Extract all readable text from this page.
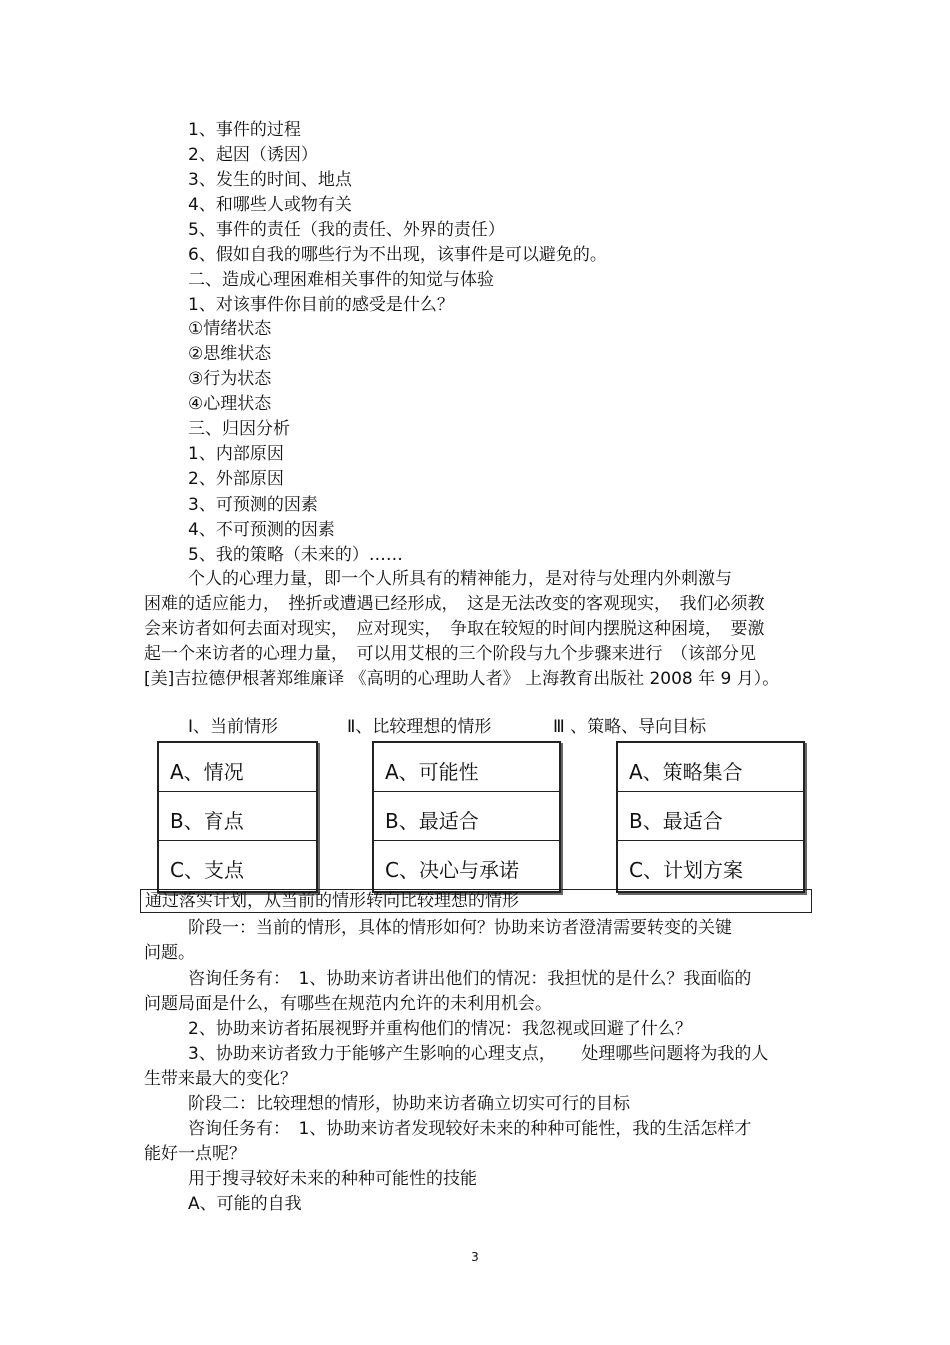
1、事件的过程
2、起因（诱因）
3、发生的时间、地点
4、和哪些人或物有关
5、事件的责任（我的责任、外界的责任）
6、假如自我的哪些行为不出现，该事件是可以避免的。
二、造成心理困难相关事件的知觉与体验
1、对该事件你目前的感受是什么？
①情绪状态
②思维状态
③行为状态
④心理状态
三、归因分析
1、内部原因
2、外部原因
3、可预测的因素
4、不可预测的因素
5、我的策略（未来的）……
个人的心理力量，即一个人所具有的精神能力，是对待与处理内外刺激与
困难的适应能力，　挫折或遭遇已经形成，　这是无法改变的客观现实，　我们必须教
会来访者如何去面对现实，　应对现实，　争取在较短的时间内摆脱这种困境，　要激
起一个来访者的心理力量，　可以用艾根的三个阶段与九个步骤来进行　（该部分见
[美]吉拉德伊根著郑维廉译 《高明的心理助人者》 上海教育出版社 2008 年 9 月）。
Ⅰ、当前情形	Ⅱ、比较理想的情形	Ⅲ 、策略、导向目标
A、情况
B、育点
C、支点
A、可能性
B、最适合
C、决心与承诺
A、策略集合
B、最适合
C、计划方案
通过落实计划，从当前的情形转向比较理想的情形
阶段一：当前的情形，具体的情形如何？协助来访者澄清需要转变的关键
问题。
咨询任务有：　1、协助来访者讲出他们的情况：我担忧的是什么？我面临的
问题局面是什么，有哪些在规范内允许的未利用机会。
2、协助来访者拓展视野并重构他们的情况：我忽视或回避了什么？
3、协助来访者致力于能够产生影响的心理支点，　　处理哪些问题将为我的人
生带来最大的变化？
阶段二：比较理想的情形，协助来访者确立切实可行的目标
咨询任务有：　1、协助来访者发现较好未来的种种可能性，我的生活怎样才
能好一点呢？
用于搜寻较好未来的种种可能性的技能
A、可能的自我
3
